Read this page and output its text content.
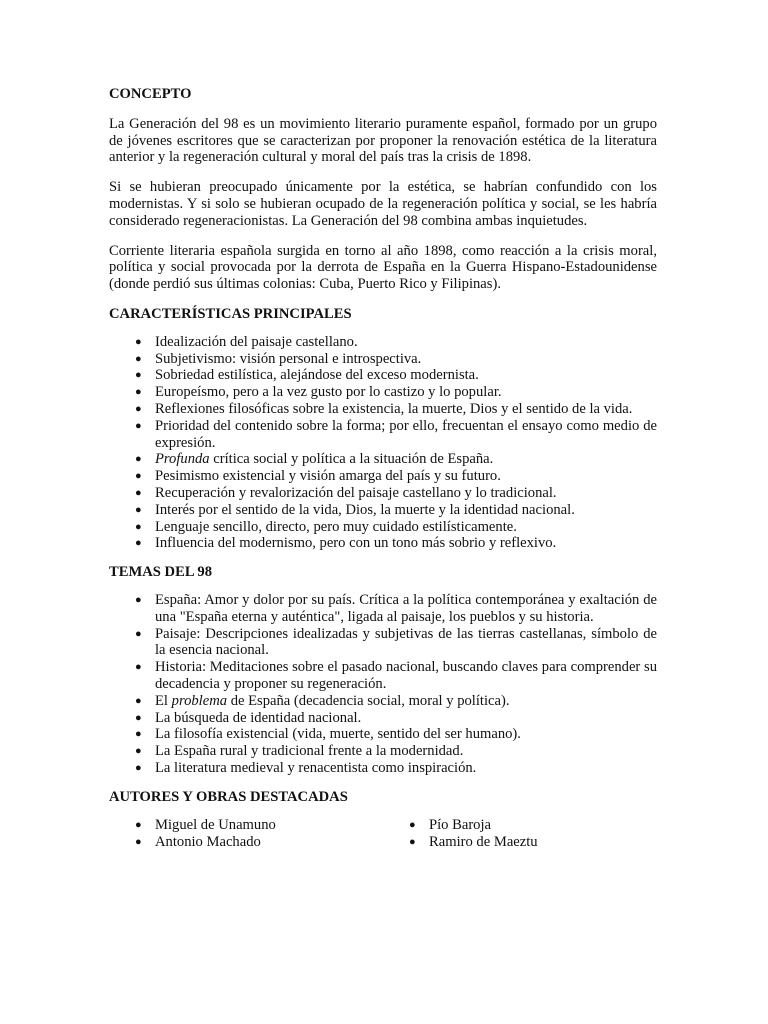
CONCEPTO

La Generación del 98 es un movimiento literario puramente español, formado por un grupo de jóvenes escritores que se caracterizan por proponer la renovación estética de la literatura anterior y la regeneración cultural y moral del país tras la crisis de 1898.

Si se hubieran preocupado únicamente por la estética, se habrían confundido con los modernistas. Y si solo se hubieran ocupado de la regeneración política y social, se les habría considerado regeneracionistas. La Generación del 98 combina ambas inquietudes.

Corriente literaria española surgida en torno al año 1898, como reacción a la crisis moral, política y social provocada por la derrota de España en la Guerra Hispano-Estadounidense (donde perdió sus últimas colonias: Cuba, Puerto Rico y Filipinas).

CARACTERÍSTICAS PRINCIPALES
● Idealización del paisaje castellano.
● Subjetivismo: visión personal e introspectiva.
● Sobriedad estilística, alejándose del exceso modernista.
● Europeísmo, pero a la vez gusto por lo castizo y lo popular.
● Reflexiones filosóficas sobre la existencia, la muerte, Dios y el sentido de la vida.
● Prioridad del contenido sobre la forma; por ello, frecuentan el ensayo como medio de expresión.
● Profunda crítica social y política a la situación de España.
● Pesimismo existencial y visión amarga del país y su futuro.
● Recuperación y revalorización del paisaje castellano y lo tradicional.
● Interés por el sentido de la vida, Dios, la muerte y la identidad nacional.
● Lenguaje sencillo, directo, pero muy cuidado estilísticamente.
● Influencia del modernismo, pero con un tono más sobrio y reflexivo.
TEMAS DEL 98
● España: Amor y dolor por su país. Crítica a la política contemporánea y exaltación de una "España eterna y auténtica", ligada al paisaje, los pueblos y su historia.
● Paisaje: Descripciones idealizadas y subjetivas de las tierras castellanas, símbolo de la esencia nacional.
● Historia: Meditaciones sobre el pasado nacional, buscando claves para comprender su decadencia y proponer su regeneración.
● El problema de España (decadencia social, moral y política).
● La búsqueda de identidad nacional.
● La filosofía existencial (vida, muerte, sentido del ser humano).
● La España rural y tradicional frente a la modernidad.
● La literatura medieval y renacentista como inspiración.
AUTORES Y OBRAS DESTACADAS
● Miguel de Unamuno
● Antonio Machado
● Pío Baroja
● Ramiro de Maeztu
